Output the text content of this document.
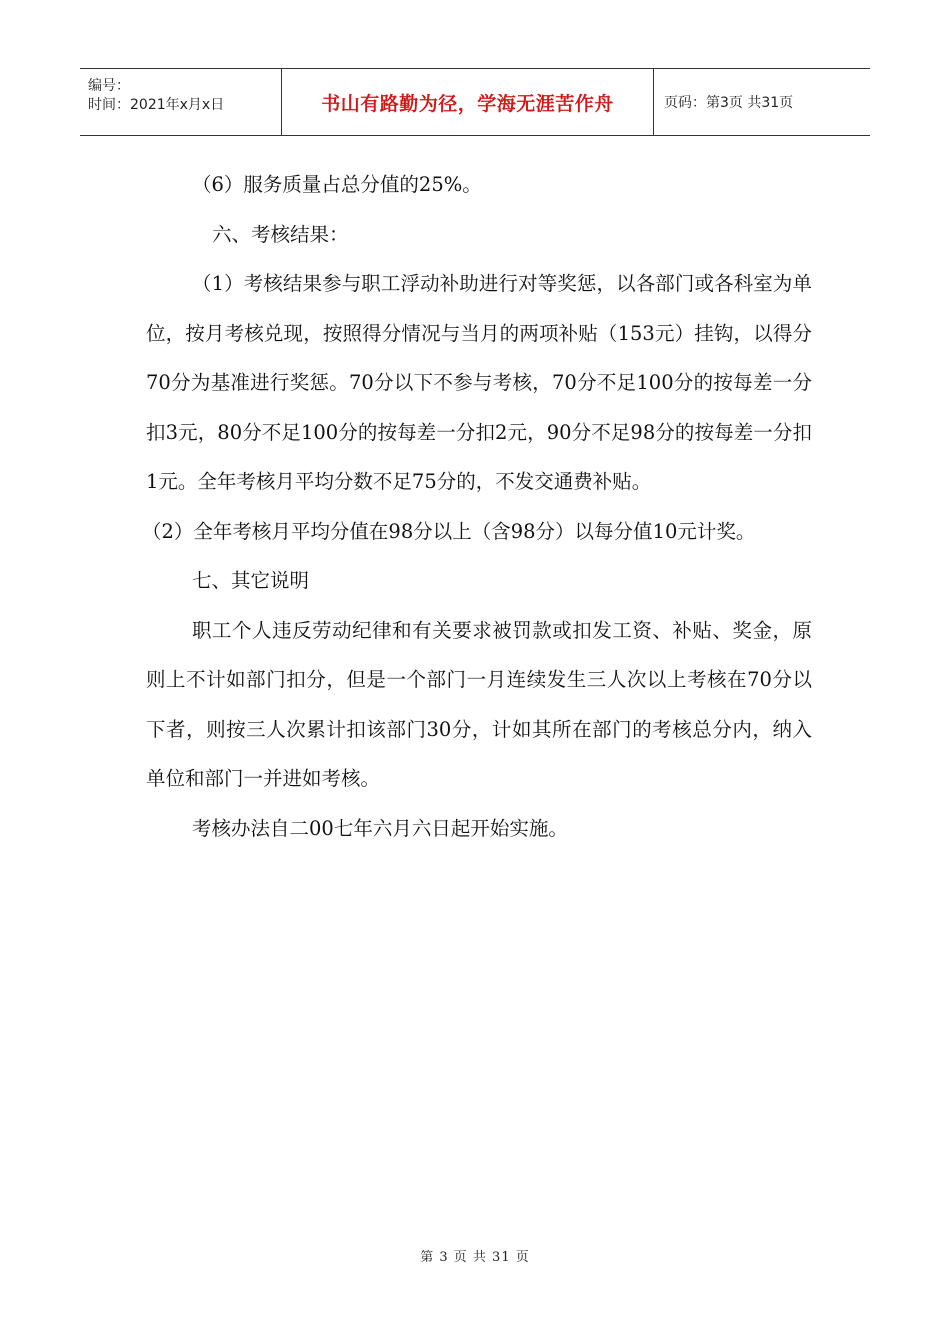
编号：
时间：2021年x月x日	书山有路勤为径，学海无涯苦作舟	页码：第3页 共31页

（6）服务质量占总分值的25%。

六、考核结果：

（1）考核结果参与职工浮动补助进行对等奖惩，以各部门或各科室为单位，按月考核兑现，按照得分情况与当月的两项补贴（153元）挂钩，以得分70分为基准进行奖惩。70分以下不参与考核，70分不足100分的按每差一分扣3元，80分不足100分的按每差一分扣2元，90分不足98分的按每差一分扣1元。全年考核月平均分数不足75分的，不发交通费补贴。

（2）全年考核月平均分值在98分以上（含98分）以每分值10元计奖。

七、其它说明

职工个人违反劳动纪律和有关要求被罚款或扣发工资、补贴、奖金，原则上不计如部门扣分，但是一个部门一月连续发生三人次以上考核在70分以下者，则按三人次累计扣该部门30分，计如其所在部门的考核总分内，纳入单位和部门一并进如考核。

考核办法自二00七年六月六日起开始实施。

第 3 页 共 31 页
